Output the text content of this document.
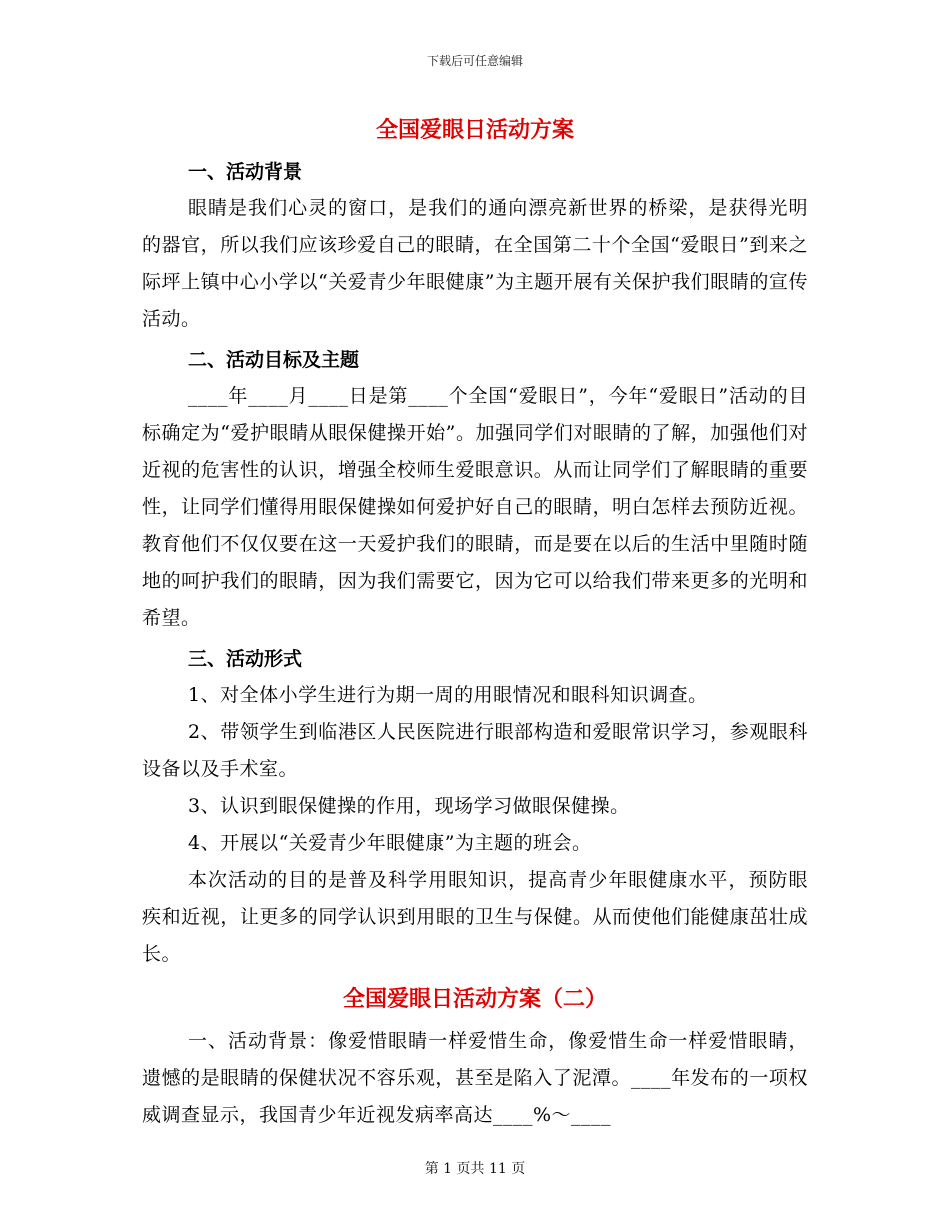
下载后可任意编辑
全国爱眼日活动方案
一、活动背景

眼睛是我们心灵的窗口，是我们的通向漂亮新世界的桥梁，是获得光明的器官，所以我们应该珍爱自己的眼睛，在全国第二十个全国“爱眼日”到来之际坪上镇中心小学以“关爱青少年眼健康”为主题开展有关保护我们眼睛的宣传活动。

二、活动目标及主题

____年____月____日是第____个全国“爱眼日”，今年“爱眼日”活动的目标确定为“爱护眼睛从眼保健操开始”。加强同学们对眼睛的了解，加强他们对近视的危害性的认识，增强全校师生爱眼意识。从而让同学们了解眼睛的重要性，让同学们懂得用眼保健操如何爱护好自己的眼睛，明白怎样去预防近视。教育他们不仅仅要在这一天爱护我们的眼睛，而是要在以后的生活中里随时随地的呵护我们的眼睛，因为我们需要它，因为它可以给我们带来更多的光明和希望。

三、活动形式

1、对全体小学生进行为期一周的用眼情况和眼科知识调查。

2、带领学生到临港区人民医院进行眼部构造和爱眼常识学习，参观眼科设备以及手术室。

3、认识到眼保健操的作用，现场学习做眼保健操。

4、开展以“关爱青少年眼健康”为主题的班会。

本次活动的目的是普及科学用眼知识，提高青少年眼健康水平，预防眼疾和近视，让更多的同学认识到用眼的卫生与保健。从而使他们能健康茁壮成长。

全国爱眼日活动方案（二）

一、活动背景：像爱惜眼睛一样爱惜生命，像爱惜生命一样爱惜眼睛，遗憾的是眼睛的保健状况不容乐观，甚至是陷入了泥潭。____年发布的一项权威调查显示，我国青少年近视发病率高达____%～____

第 1 页共 11 页
